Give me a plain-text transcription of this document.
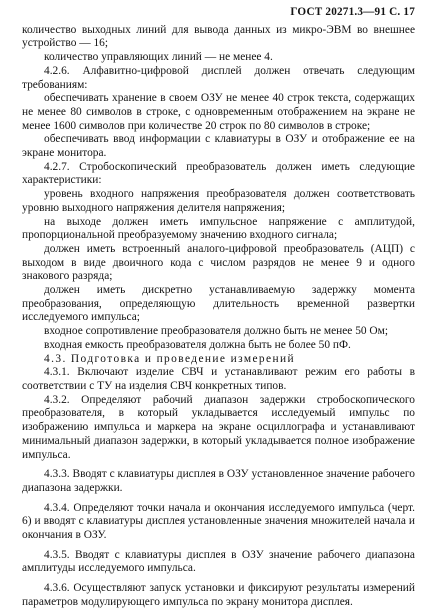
ГОСТ 20271.3—91 С. 17

количество выходных линий для вывода данных из микро-ЭВМ во внешнее устройство — 16;

количество управляющих линий — не менее 4.

4.2.6. Алфавитно-цифровой дисплей должен отвечать следующим требованиям:

обеспечивать хранение в своем ОЗУ не менее 40 строк текста, содержащих не менее 80 символов в строке, с одновременным отображением на экране не менее 1600 символов при количестве 20 строк по 80 символов в строке;

обеспечивать ввод информации с клавиатуры в ОЗУ и отображение ее на экране монитора.

4.2.7. Стробоскопический преобразователь должен иметь следующие характеристики:

уровень входного напряжения преобразователя должен соответствовать уровню выходного напряжения делителя напряжения;

на выходе должен иметь импульсное напряжение с амплитудой, пропорциональной преобразуемому значению входного сигнала;

должен иметь встроенный аналого-цифровой преобразователь (АЦП) с выходом в виде двоичного кода с числом разрядов не менее 9 и одного знакового разряда;

должен иметь дискретно устанавливаемую задержку момента преобразования, определяющую длительность временной развертки исследуемого импульса;

входное сопротивление преобразователя должно быть не менее 50 Ом;

входная емкость преобразователя должна быть не более 50 пФ.

4.3. Подготовка и проведение измерений

4.3.1. Включают изделие СВЧ и устанавливают режим его работы в соответствии с ТУ на изделия СВЧ конкретных типов.

4.3.2. Определяют рабочий диапазон задержки стробоскопического преобразователя, в который укладывается исследуемый импульс по изображению импульса и маркера на экране осциллографа и устанавливают минимальный диапазон задержки, в который укладывается полное изображение импульса.

4.3.3. Вводят с клавиатуры дисплея в ОЗУ установленное значение рабочего диапазона задержки.

4.3.4. Определяют точки начала и окончания исследуемого импульса (черт. 6) и вводят с клавиатуры дисплея установленные значения множителей начала и окончания в ОЗУ.

4.3.5. Вводят с клавиатуры дисплея в ОЗУ значение рабочего диапазона амплитуды исследуемого импульса.

4.3.6. Осуществляют запуск установки и фиксируют результаты измерений параметров модулирующего импульса по экрану монитора дисплея.
